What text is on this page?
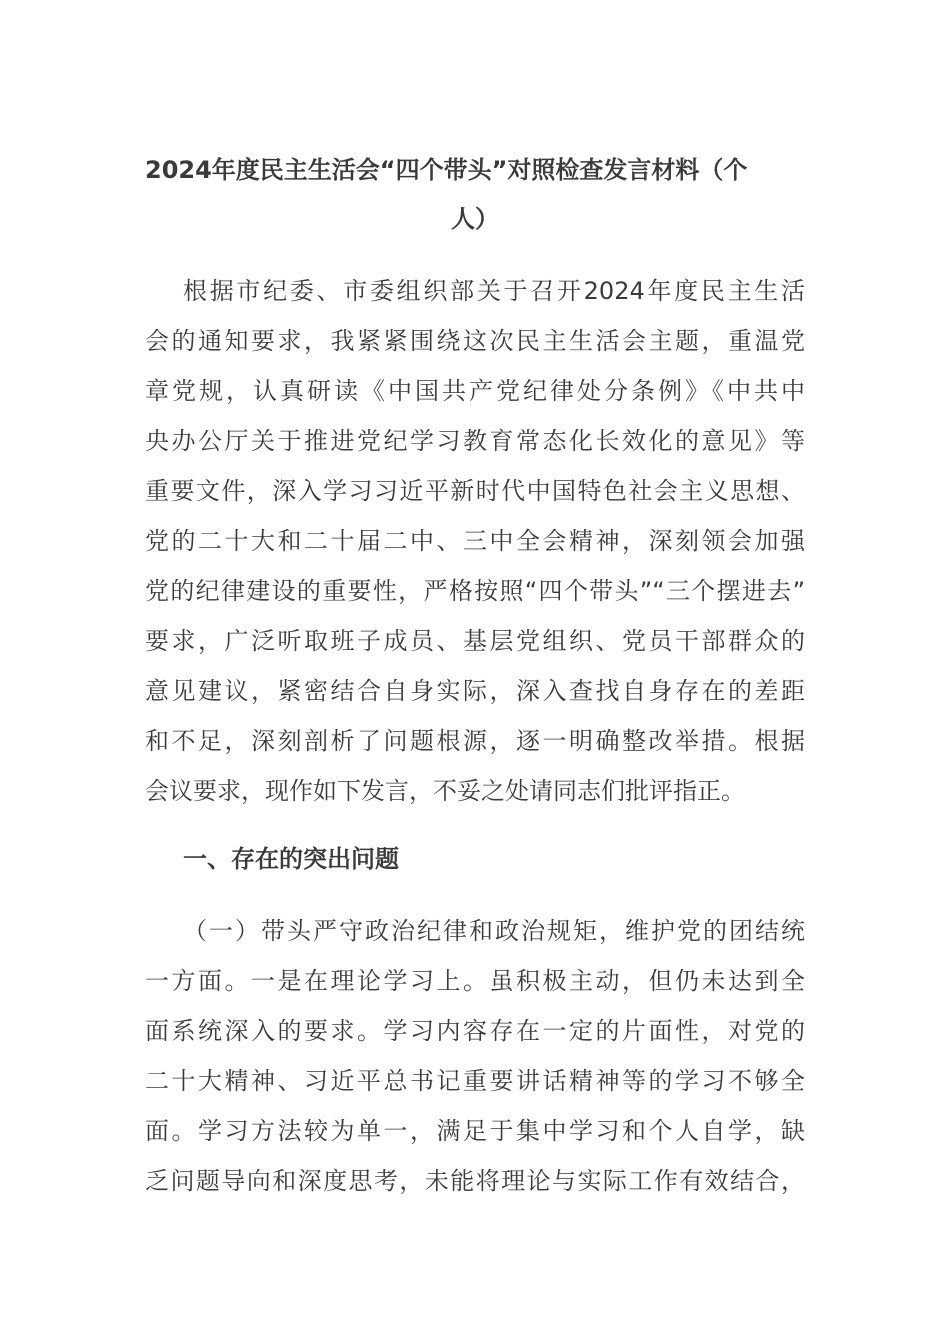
2024年度民主生活会“四个带头”对照检查发言材料（个
人）
根据市纪委、市委组织部关于召开2024年度民主生活
会的通知要求，我紧紧围绕这次民主生活会主题，重温党
章党规，认真研读《中国共产党纪律处分条例》《中共中
央办公厅关于推进党纪学习教育常态化长效化的意见》等
重要文件，深入学习习近平新时代中国特色社会主义思想、
党的二十大和二十届二中、三中全会精神，深刻领会加强
党的纪律建设的重要性，严格按照“四个带头”“三个摆进去”
要求，广泛听取班子成员、基层党组织、党员干部群众的
意见建议，紧密结合自身实际，深入查找自身存在的差距
和不足，深刻剖析了问题根源，逐一明确整改举措。根据
会议要求，现作如下发言，不妥之处请同志们批评指正。
一、存在的突出问题
（一）带头严守政治纪律和政治规矩，维护党的团结统
一方面。一是在理论学习上。虽积极主动，但仍未达到全
面系统深入的要求。学习内容存在一定的片面性，对党的
二十大精神、习近平总书记重要讲话精神等的学习不够全
面。学习方法较为单一，满足于集中学习和个人自学，缺
乏问题导向和深度思考，未能将理论与实际工作有效结合，
